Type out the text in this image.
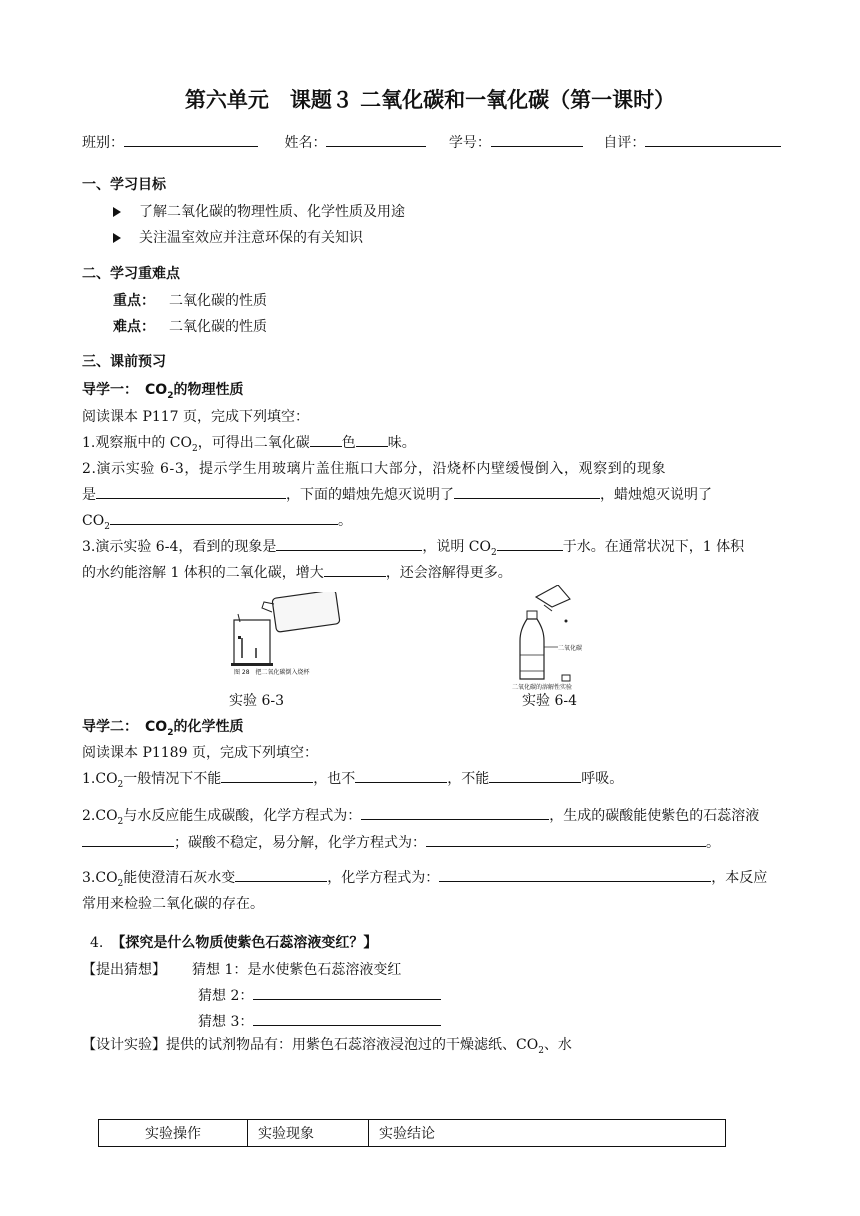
第六单元　课题３ 二氧化碳和一氧化碳（第一课时）
班别：	姓名：	学号：	自评：
一、学习目标
了解二氧化碳的物理性质、化学性质及用途
关注温室效应并注意环保的有关知识
二、学习重难点
重点： 二氧化碳的性质
难点： 二氧化碳的性质
三、课前预习
导学一：　$CO_2$的物理性质
阅读课本 P117 页，完成下列填空：
1.观察瓶中的 $CO_2$，可得出二氧化碳 色 味。
2.演示实验 6-3，提示学生用玻璃片盖住瓶口大部分，沿烧杯内壁缓慢倒入，观察到的现象
是	，下面的蜡烛先熄灭说明了	，蜡烛熄灭说明了
$CO_2$	。
3.演示实验 6-4，看到的现象是	，说明 $CO_2$	于水。在通常状况下，1 体积
的水约能溶解 1 体积的二氧化碳，增大	，还会溶解得更多。
图 28　把二氧化碳倒入烧杯
实验 6-3
二氧化碳
二氧化碳的溶解性实验
实验 6-4
导学二：　$CO_2$的化学性质
阅读课本 P1189 页，完成下列填空：
$1.CO_2$一般情况下不能	，也不	，不能	呼吸。
$2.CO_2$与水反应能生成碳酸，化学方程式为：	，生成的碳酸能使紫色的石蕊溶液
；碳酸不稳定，易分解，化学方程式为：	。
$3.CO_2$能使澄清石灰水变	，化学方程式为：	，本反应
常用来检验二氧化碳的存在。
4. 【探究是什么物质使紫色石蕊溶液变红？】
【提出猜想】 猜想 1：是水使紫色石蕊溶液变红
猜想 2：
猜想 3：
【设计实验】提供的试剂物品有：用紫色石蕊溶液浸泡过的干燥滤纸、$CO_2$、水
实验操作	实验现象	实验结论
